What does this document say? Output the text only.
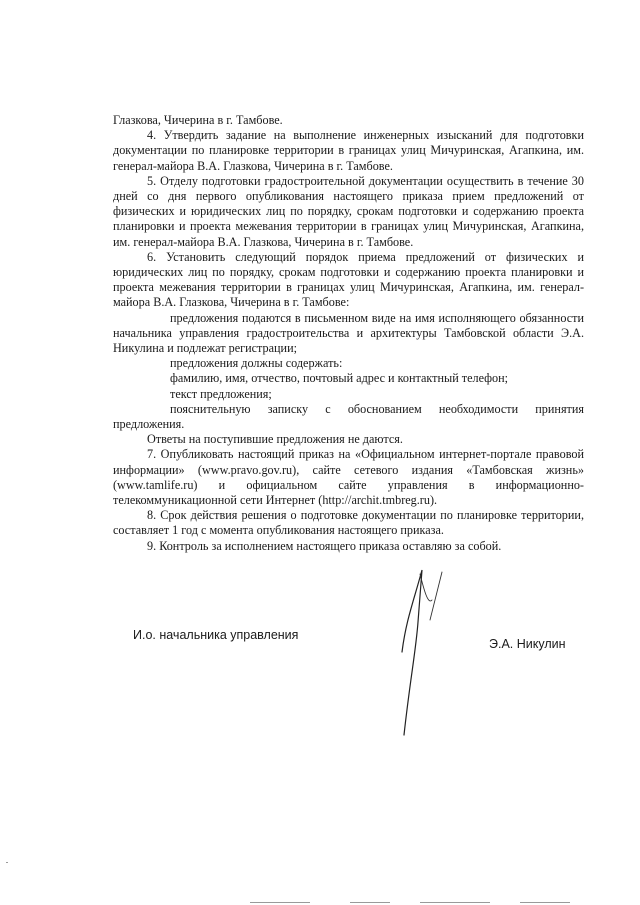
Глазкова, Чичерина в г. Тамбове.

4. Утвердить задание на выполнение инженерных изысканий для подготовки документации по планировке территории в границах улиц Мичуринская, Агапкина, им. генерал-майора В.А. Глазкова, Чичерина в г. Тамбове.

5. Отделу подготовки градостроительной документации осуществить в течение 30 дней со дня первого опубликования настоящего приказа прием предложений от физических и юридических лиц по порядку, срокам подготовки и содержанию проекта планировки и проекта межевания территории в границах улиц Мичуринская, Агапкина, им. генерал-майора В.А. Глазкова, Чичерина в г. Тамбове.

6. Установить следующий порядок приема предложений от физических и юридических лиц по порядку, срокам подготовки и содержанию проекта планировки и проекта межевания территории в границах улиц Мичуринская, Агапкина, им. генерал-майора В.А. Глазкова, Чичерина в г. Тамбове:

предложения подаются в письменном виде на имя исполняющего обязанности начальника управления градостроительства и архитектуры Тамбовской области Э.А. Никулина и подлежат регистрации;

предложения должны содержать:

фамилию, имя, отчество, почтовый адрес и контактный телефон;

текст предложения;

пояснительную записку с обоснованием необходимости принятия предложения.

Ответы на поступившие предложения не даются.

7. Опубликовать настоящий приказ на «Официальном интернет-портале правовой информации» (www.pravo.gov.ru), сайте сетевого издания «Тамбовская жизнь» (www.tamlife.ru) и официальном сайте управления в информационно-телекоммуникационной сети Интернет (http://archit.tmbreg.ru).

8. Срок действия решения о подготовке документации по планировке территории, составляет 1 год с момента опубликования настоящего приказа.

9. Контроль за исполнением настоящего приказа оставляю за собой.

И.о. начальника управления
Э.А. Никулин
